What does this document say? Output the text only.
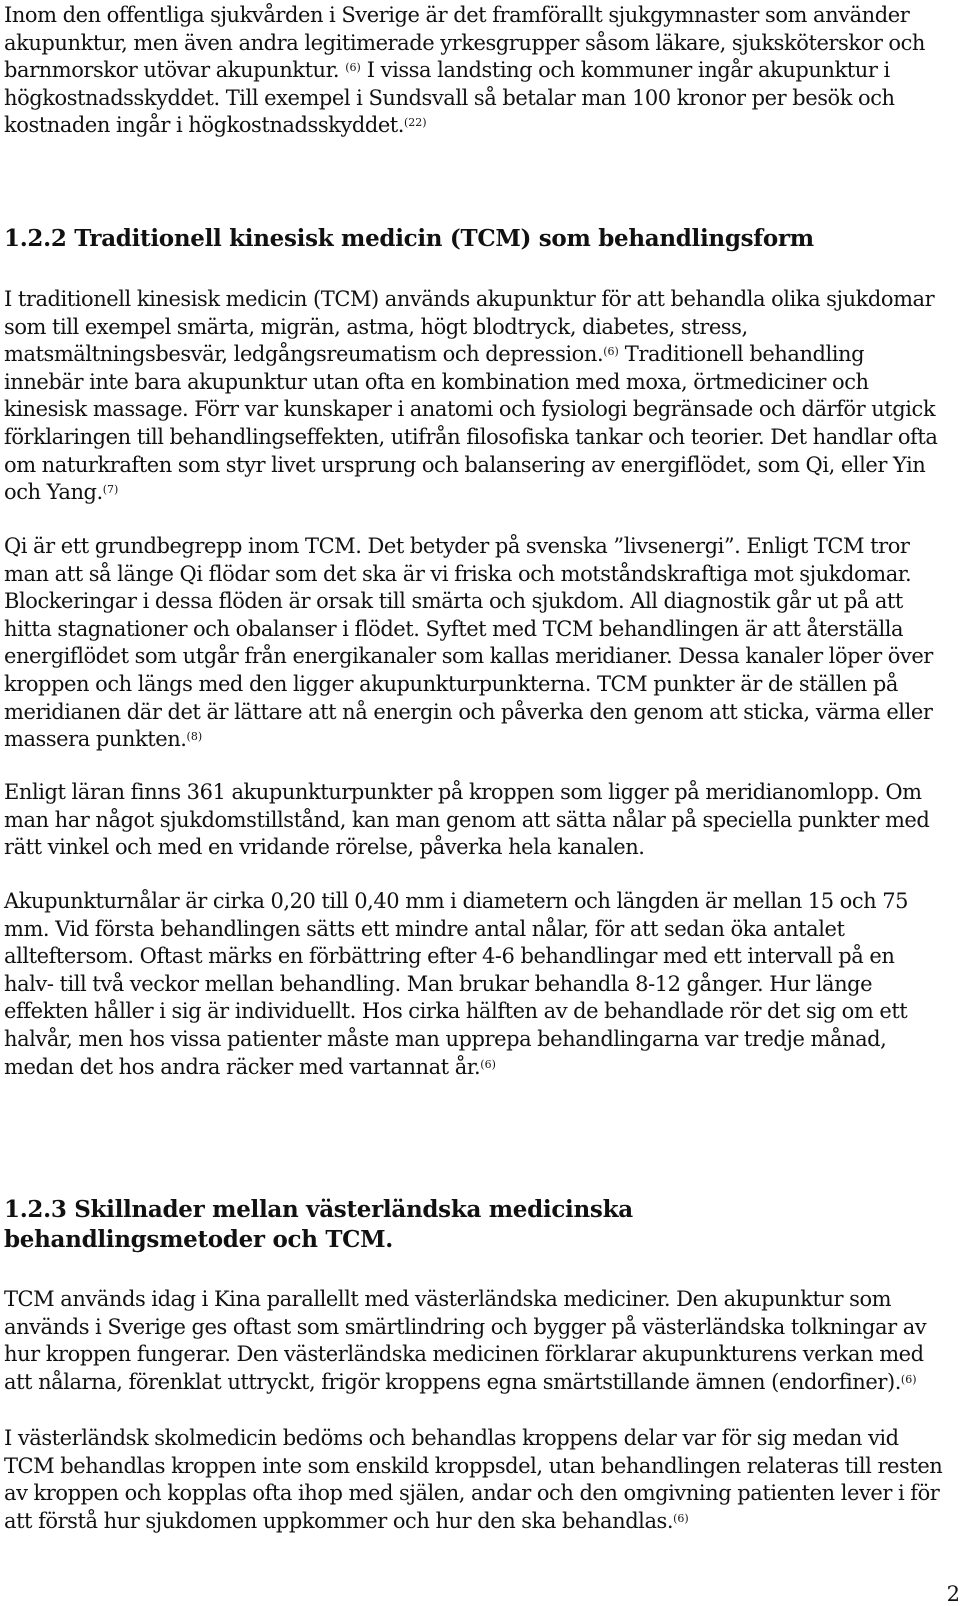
Inom den offentliga sjukvården i Sverige är det framförallt sjukgymnaster som använder akupunktur, men även andra legitimerade yrkesgrupper såsom läkare, sjuksköterskor och barnmorskor utövar akupunktur. $^{(6)}$ I vissa landsting och kommuner ingår akupunktur i högkostnadsskyddet. Till exempel i Sundsvall så betalar man 100 kronor per besök och kostnaden ingår i högkostnadsskyddet.$^{(22)}$

1.2.2 Traditionell kinesisk medicin (TCM) som behandlingsform

I traditionell kinesisk medicin (TCM) används akupunktur för att behandla olika sjukdomar som till exempel smärta, migrän, astma, högt blodtryck, diabetes, stress, matsmältningsbesvär, ledgångsreumatism och depression.$^{(6)}$ Traditionell behandling innebär inte bara akupunktur utan ofta en kombination med moxa, örtmediciner och kinesisk massage. Förr var kunskaper i anatomi och fysiologi begränsade och därför utgick förklaringen till behandlingseffekten, utifrån filosofiska tankar och teorier. Det handlar ofta om naturkraften som styr livet ursprung och balansering av energiflödet, som Qi, eller Yin och Yang.$^{(7)}$

Qi är ett grundbegrepp inom TCM. Det betyder på svenska ”livsenergi”. Enligt TCM tror man att så länge Qi flödar som det ska är vi friska och motståndskraftiga mot sjukdomar. Blockeringar i dessa flöden är orsak till smärta och sjukdom. All diagnostik går ut på att hitta stagnationer och obalanser i flödet. Syftet med TCM behandlingen är att återställa energiflödet som utgår från energikanaler som kallas meridianer. Dessa kanaler löper över kroppen och längs med den ligger akupunkturpunkterna. TCM punkter är de ställen på meridianen där det är lättare att nå energin och påverka den genom att sticka, värma eller massera punkten.$^{(8)}$

Enligt läran finns 361 akupunkturpunkter på kroppen som ligger på meridianomlopp. Om man har något sjukdomstillstånd, kan man genom att sätta nålar på speciella punkter med rätt vinkel och med en vridande rörelse, påverka hela kanalen.

Akupunkturnålar är cirka 0,20 till 0,40 mm i diametern och längden är mellan 15 och 75 mm. Vid första behandlingen sätts ett mindre antal nålar, för att sedan öka antalet allteftersom. Oftast märks en förbättring efter 4-6 behandlingar med ett intervall på en halv- till två veckor mellan behandling. Man brukar behandla 8-12 gånger. Hur länge effekten håller i sig är individuellt. Hos cirka hälften av de behandlade rör det sig om ett halvår, men hos vissa patienter måste man upprepa behandlingarna var tredje månad, medan det hos andra räcker med vartannat år.$^{(6)}$

1.2.3 Skillnader mellan västerländska medicinska behandlingsmetoder och TCM.

TCM används idag i Kina parallellt med västerländska mediciner. Den akupunktur som används i Sverige ges oftast som smärtlindring och bygger på västerländska tolkningar av hur kroppen fungerar. Den västerländska medicinen förklarar akupunkturens verkan med att nålarna, förenklat uttryckt, frigör kroppens egna smärtstillande ämnen (endorfiner).$^{(6)}$

I västerländsk skolmedicin bedöms och behandlas kroppens delar var för sig medan vid TCM behandlas kroppen inte som enskild kroppsdel, utan behandlingen relateras till resten av kroppen och kopplas ofta ihop med själen, andar och den omgivning patienten lever i för att förstå hur sjukdomen uppkommer och hur den ska behandlas.$^{(6)}$

2
